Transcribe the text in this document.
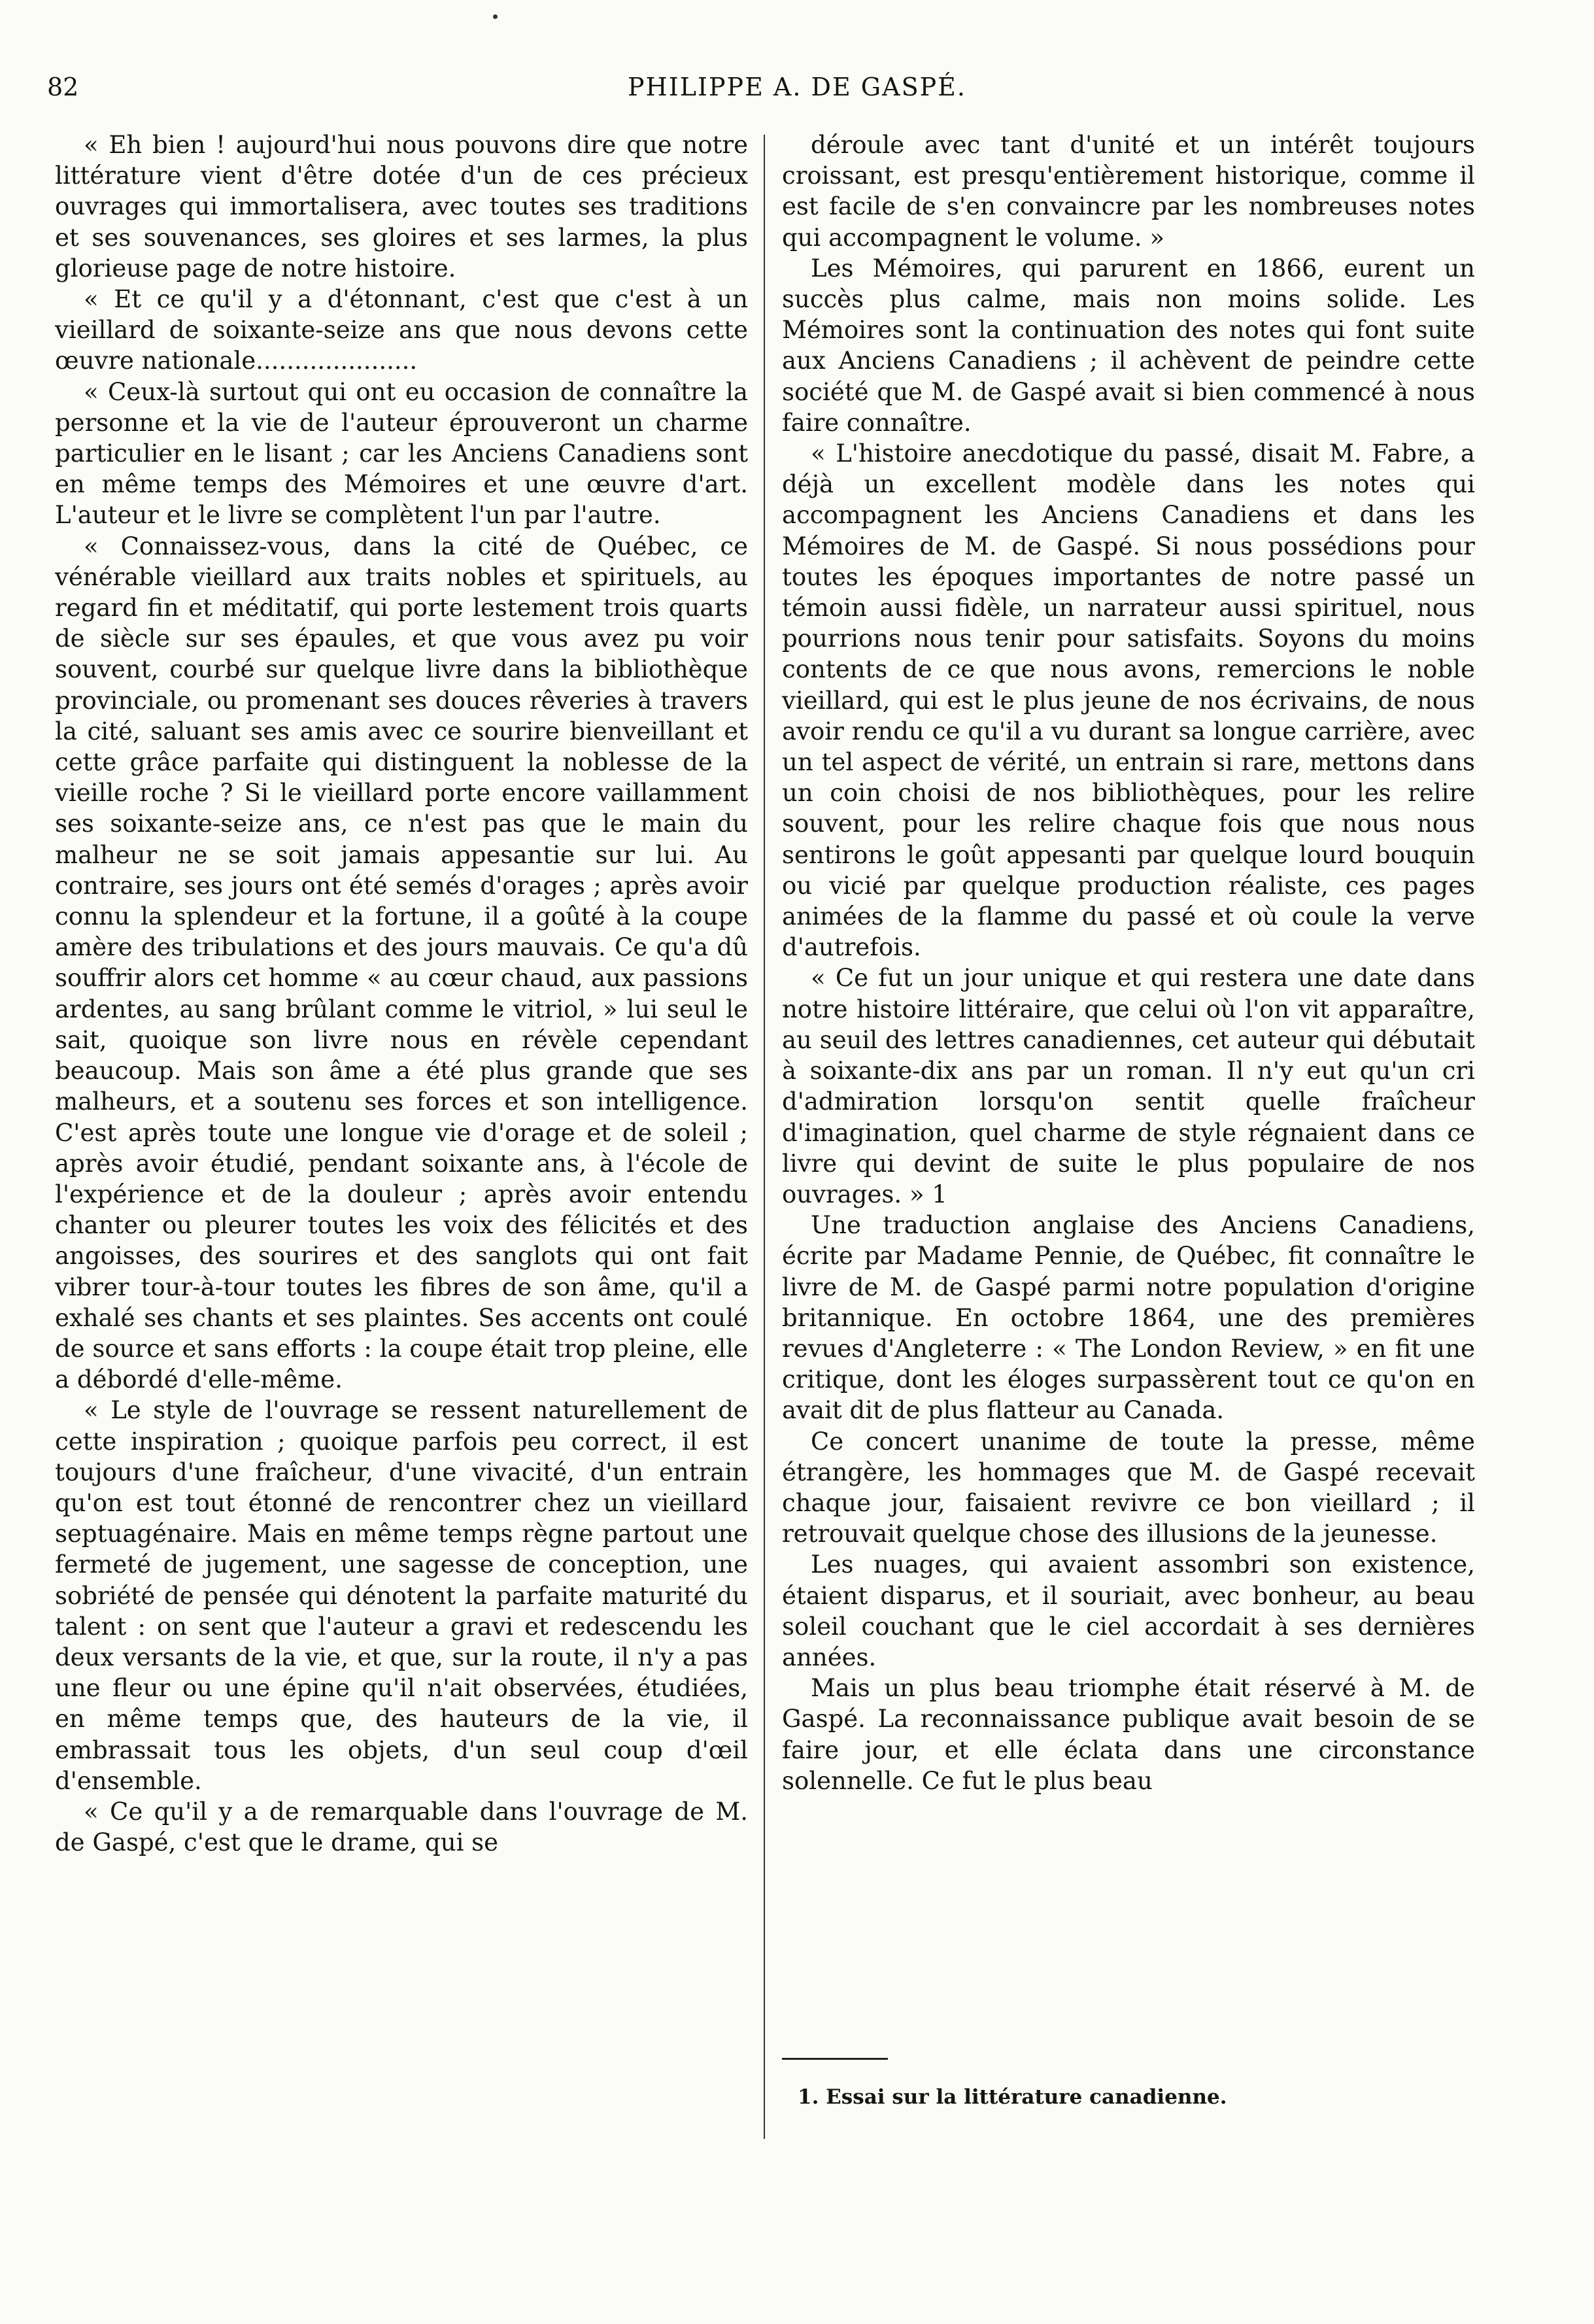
82	PHILIPPE A. DE GASPÉ.

« Eh bien ! aujourd'hui nous pouvons dire que notre littérature vient d'être dotée d'un de ces précieux ouvrages qui immortalisera, avec toutes ses traditions et ses souvenances, ses gloires et ses larmes, la plus glorieuse page de notre histoire.

« Et ce qu'il y a d'étonnant, c'est que c'est à un vieillard de soixante-seize ans que nous devons cette œuvre nationale.....................

« Ceux-là surtout qui ont eu occasion de connaître la personne et la vie de l'auteur éprouveront un charme particulier en le lisant ; car les Anciens Canadiens sont en même temps des Mémoires et une œuvre d'art. L'auteur et le livre se complètent l'un par l'autre.

« Connaissez-vous, dans la cité de Québec, ce vénérable vieillard aux traits nobles et spirituels, au regard fin et méditatif, qui porte lestement trois quarts de siècle sur ses épaules, et que vous avez pu voir souvent, courbé sur quelque livre dans la bibliothèque provinciale, ou promenant ses douces rêveries à travers la cité, saluant ses amis avec ce sourire bienveillant et cette grâce parfaite qui distinguent la noblesse de la vieille roche ? Si le vieillard porte encore vaillamment ses soixante-seize ans, ce n'est pas que le main du malheur ne se soit jamais appesantie sur lui. Au contraire, ses jours ont été semés d'orages ; après avoir connu la splendeur et la fortune, il a goûté à la coupe amère des tribulations et des jours mauvais. Ce qu'a dû souffrir alors cet homme « au cœur chaud, aux passions ardentes, au sang brûlant comme le vitriol, » lui seul le sait, quoique son livre nous en révèle cependant beaucoup. Mais son âme a été plus grande que ses malheurs, et a soutenu ses forces et son intelligence. C'est après toute une longue vie d'orage et de soleil ; après avoir étudié, pendant soixante ans, à l'école de l'expérience et de la douleur ; après avoir entendu chanter ou pleurer toutes les voix des félicités et des angoisses, des sourires et des sanglots qui ont fait vibrer tour-à-tour toutes les fibres de son âme, qu'il a exhalé ses chants et ses plaintes. Ses accents ont coulé de source et sans efforts : la coupe était trop pleine, elle a débordé d'elle-même.

« Le style de l'ouvrage se ressent naturellement de cette inspiration ; quoique parfois peu correct, il est toujours d'une fraîcheur, d'une vivacité, d'un entrain qu'on est tout étonné de rencontrer chez un vieillard septuagénaire. Mais en même temps règne partout une fermeté de jugement, une sagesse de conception, une sobriété de pensée qui dénotent la parfaite maturité du talent : on sent que l'auteur a gravi et redescendu les deux versants de la vie, et que, sur la route, il n'y a pas une fleur ou une épine qu'il n'ait observées, étudiées, en même temps que, des hauteurs de la vie, il embrassait tous les objets, d'un seul coup d'œil d'ensemble.

« Ce qu'il y a de remarquable dans l'ouvrage de M. de Gaspé, c'est que le drame, qui se

déroule avec tant d'unité et un intérêt toujours croissant, est presqu'entièrement historique, comme il est facile de s'en convaincre par les nombreuses notes qui accompagnent le volume. »

Les Mémoires, qui parurent en 1866, eurent un succès plus calme, mais non moins solide. Les Mémoires sont la continuation des notes qui font suite aux Anciens Canadiens ; il achèvent de peindre cette société que M. de Gaspé avait si bien commencé à nous faire connaître.

« L'histoire anecdotique du passé, disait M. Fabre, a déjà un excellent modèle dans les notes qui accompagnent les Anciens Canadiens et dans les Mémoires de M. de Gaspé. Si nous possédions pour toutes les époques importantes de notre passé un témoin aussi fidèle, un narrateur aussi spirituel, nous pourrions nous tenir pour satisfaits. Soyons du moins contents de ce que nous avons, remercions le noble vieillard, qui est le plus jeune de nos écrivains, de nous avoir rendu ce qu'il a vu durant sa longue carrière, avec un tel aspect de vérité, un entrain si rare, mettons dans un coin choisi de nos bibliothèques, pour les relire souvent, pour les relire chaque fois que nous nous sentirons le goût appesanti par quelque lourd bouquin ou vicié par quelque production réaliste, ces pages animées de la flamme du passé et où coule la verve d'autrefois.

« Ce fut un jour unique et qui restera une date dans notre histoire littéraire, que celui où l'on vit apparaître, au seuil des lettres canadiennes, cet auteur qui débutait à soixante-dix ans par un roman. Il n'y eut qu'un cri d'admiration lorsqu'on sentit quelle fraîcheur d'imagination, quel charme de style régnaient dans ce livre qui devint de suite le plus populaire de nos ouvrages. » 1

Une traduction anglaise des Anciens Canadiens, écrite par Madame Pennie, de Québec, fit connaître le livre de M. de Gaspé parmi notre population d'origine britannique. En octobre 1864, une des premières revues d'Angleterre : « The London Review, » en fit une critique, dont les éloges surpassèrent tout ce qu'on en avait dit de plus flatteur au Canada.

Ce concert unanime de toute la presse, même étrangère, les hommages que M. de Gaspé recevait chaque jour, faisaient revivre ce bon vieillard ; il retrouvait quelque chose des illusions de la jeunesse.

Les nuages, qui avaient assombri son existence, étaient disparus, et il souriait, avec bonheur, au beau soleil couchant que le ciel accordait à ses dernières années.

Mais un plus beau triomphe était réservé à M. de Gaspé. La reconnaissance publique avait besoin de se faire jour, et elle éclata dans une circonstance solennelle. Ce fut le plus beau

1. Essai sur la littérature canadienne.
